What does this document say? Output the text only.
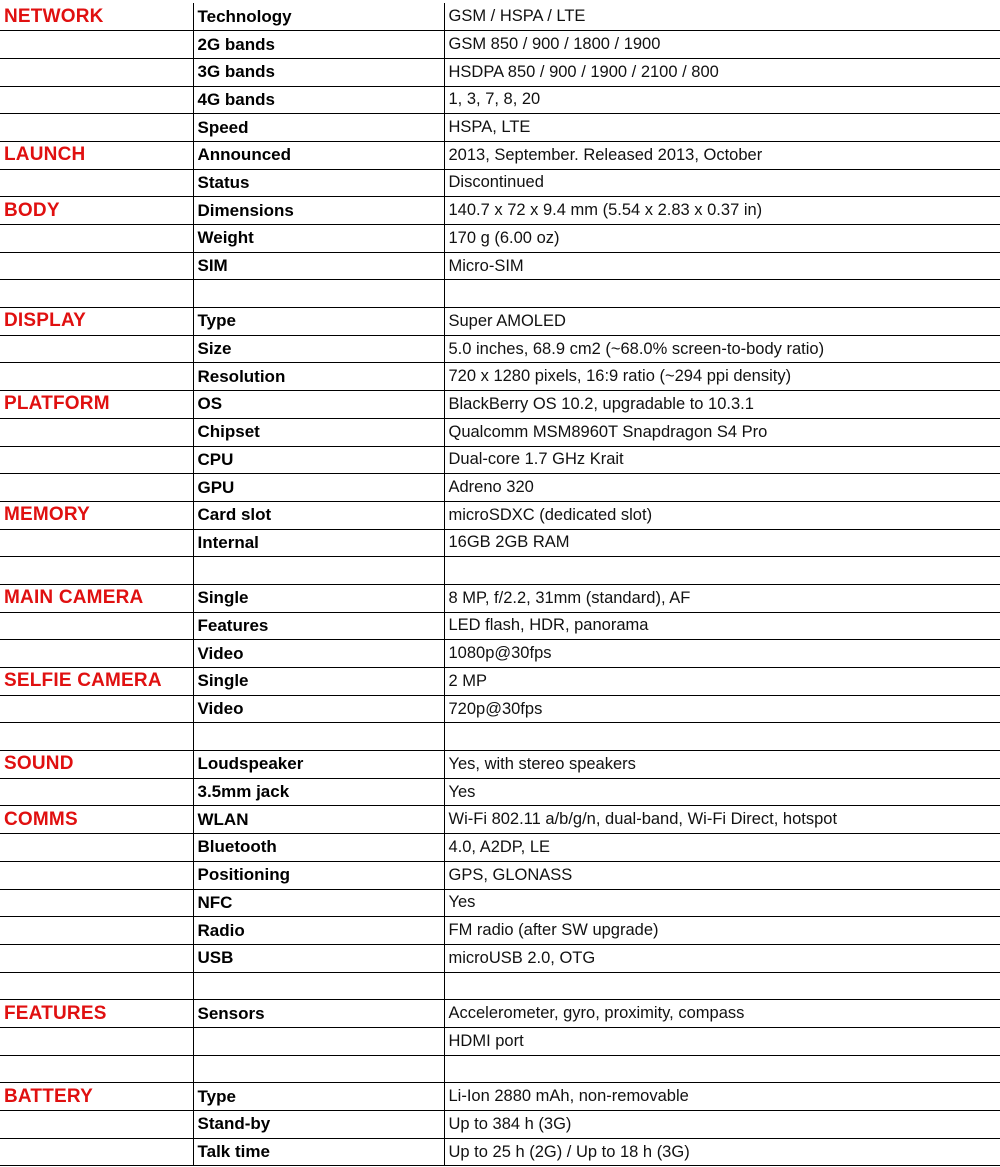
NETWORK	Technology	GSM / HSPA / LTE
	2G bands	GSM 850 / 900 / 1800 / 1900
	3G bands	HSDPA 850 / 900 / 1900 / 2100 / 800
	4G bands	1, 3, 7, 8, 20
	Speed	HSPA, LTE
LAUNCH	Announced	2013, September. Released 2013, October
	Status	Discontinued
BODY	Dimensions	140.7 x 72 x 9.4 mm (5.54 x 2.83 x 0.37 in)
	Weight	170 g (6.00 oz)
	SIM	Micro-SIM

DISPLAY	Type	Super AMOLED
	Size	5.0 inches, 68.9 cm2 (~68.0% screen-to-body ratio)
	Resolution	720 x 1280 pixels, 16:9 ratio (~294 ppi density)
PLATFORM	OS	BlackBerry OS 10.2, upgradable to 10.3.1
	Chipset	Qualcomm MSM8960T Snapdragon S4 Pro
	CPU	Dual-core 1.7 GHz Krait
	GPU	Adreno 320
MEMORY	Card slot	microSDXC (dedicated slot)
	Internal	16GB 2GB RAM

MAIN CAMERA	Single	8 MP, f/2.2, 31mm (standard), AF
	Features	LED flash, HDR, panorama
	Video	1080p@30fps
SELFIE CAMERA	Single	2 MP
	Video	720p@30fps

SOUND	Loudspeaker	Yes, with stereo speakers
	3.5mm jack	Yes
COMMS	WLAN	Wi-Fi 802.11 a/b/g/n, dual-band, Wi-Fi Direct, hotspot
	Bluetooth	4.0, A2DP, LE
	Positioning	GPS, GLONASS
	NFC	Yes
	Radio	FM radio (after SW upgrade)
	USB	microUSB 2.0, OTG

FEATURES	Sensors	Accelerometer, gyro, proximity, compass
		HDMI port

BATTERY	Type	Li-Ion 2880 mAh, non-removable
	Stand-by	Up to 384 h (3G)
	Talk time	Up to 25 h (2G) / Up to 18 h (3G)
